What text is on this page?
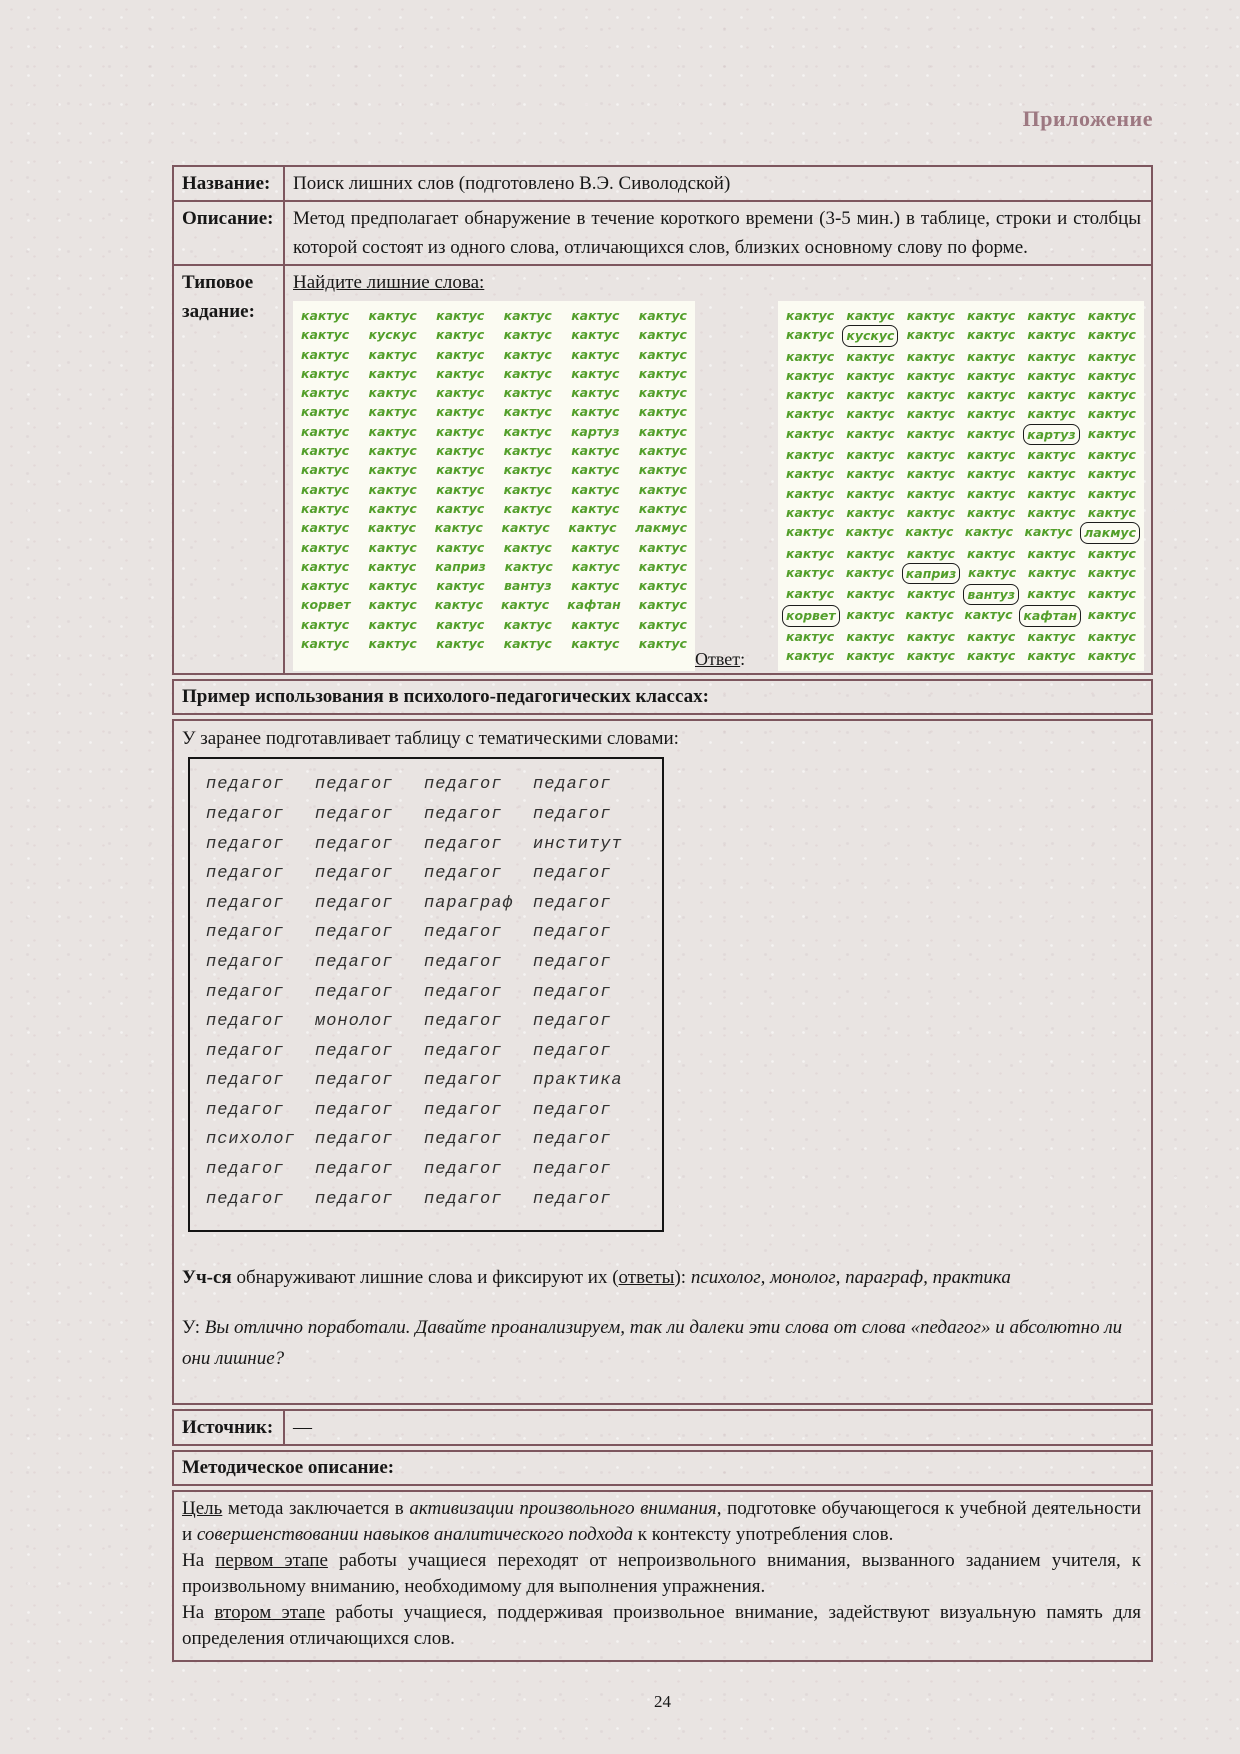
Приложение
Название:	Поиск лишних слов (подготовлено В.Э. Сиволодской)
Описание:	Метод предполагает обнаружение в течение короткого времени (3-5 мин.) в таблице, строки и столбцы которой состоят из одного слова, отличающихся слов, близких основному слову по форме.
Типовое задание:
Найдите лишние слова:
кактус кактус кактус кактус кактус кактус
кактус кускус кактус кактус кактус кактус
кактус кактус кактус кактус кактус кактус
кактус кактус кактус кактус кактус кактус
кактус кактус кактус кактус кактус кактус
кактус кактус кактус кактус кактус кактус
кактус кактус кактус кактус картуз кактус
кактус кактус кактус кактус кактус кактус
кактус кактус кактус кактус кактус кактус
кактус кактус кактус кактус кактус кактус
кактус кактус кактус кактус кактус кактус
кактус кактус кактус кактус кактус лакмус
кактус кактус кактус кактус кактус кактус
кактус кактус каприз кактус кактус кактус
кактус кактус кактус вантуз кактус кактус
корвет кактус кактус кактус кафтан кактус
кактус кактус кактус кактус кактус кактус
кактус кактус кактус кактус кактус кактус
Ответ:
кактус кактус кактус кактус кактус кактус
кактус кускус кактус кактус кактус кактус
кактус кактус кактус кактус кактус кактус
кактус кактус кактус кактус кактус кактус
кактус кактус кактус кактус кактус кактус
кактус кактус кактус кактус кактус кактус
кактус кактус кактус кактус картуз кактус
кактус кактус кактус кактус кактус кактус
кактус кактус кактус кактус кактус кактус
кактус кактус кактус кактус кактус кактус
кактус кактус кактус кактус кактус кактус
кактус кактус кактус кактус кактус лакмус
кактус кактус кактус кактус кактус кактус
кактус кактус каприз кактус кактус кактус
кактус кактус кактус вантуз кактус кактус
корвет кактус кактус кактус кафтан кактус
кактус кактус кактус кактус кактус кактус
кактус кактус кактус кактус кактус кактус
Пример использования в психолого-педагогических классах:
У заранее подготавливает таблицу с тематическими словами:
педагог	педагог	педагог	педагог
педагог	педагог	педагог	педагог
педагог	педагог	педагог	институт
педагог	педагог	педагог	педагог
педагог	педагог	параграф	педагог
педагог	педагог	педагог	педагог
педагог	педагог	педагог	педагог
педагог	педагог	педагог	педагог
педагог	монолог	педагог	педагог
педагог	педагог	педагог	педагог
педагог	педагог	педагог	практика
педагог	педагог	педагог	педагог
психолог	педагог	педагог	педагог
педагог	педагог	педагог	педагог
педагог	педагог	педагог	педагог

Уч-ся обнаруживают лишние слова и фиксируют их (ответы): психолог, монолог, параграф, практика

У: Вы отлично поработали. Давайте проанализируем, так ли далеки эти слова от слова «педагог» и абсолютно ли они лишние?

Источник:	—
Методическое описание:
Цель метода заключается в активизации произвольного внимания, подготовке обучающегося к учебной деятельности и совершенствовании навыков аналитического подхода к контексту употребления слов.
На первом этапе работы учащиеся переходят от непроизвольного внимания, вызванного заданием учителя, к произвольному вниманию, необходимому для выполнения упражнения.
На втором этапе работы учащиеся, поддерживая произвольное внимание, задействуют визуальную память для определения отличающихся слов.
24
